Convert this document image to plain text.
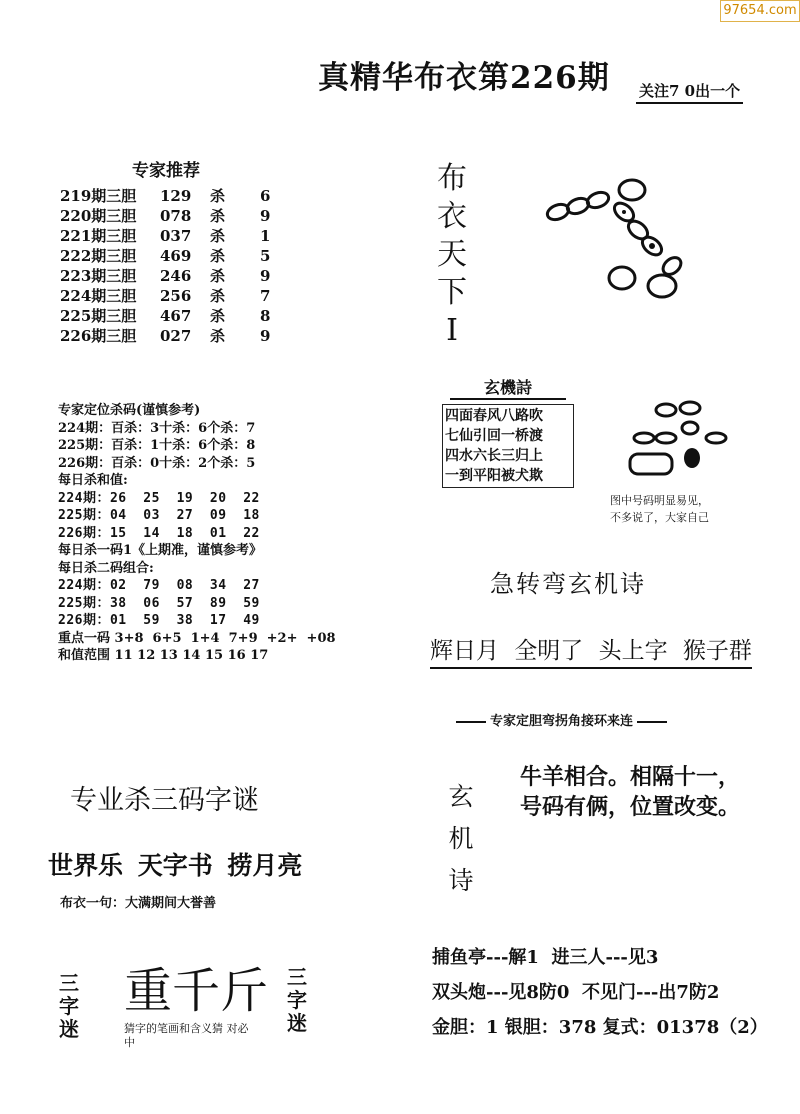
97654.com
真精华布衣第226期 关注7 0出一个
专家推荐
219期三胆 129 杀 6
220期三胆 078 杀 9
221期三胆 037 杀 1
222期三胆 469 杀 5
223期三胆 246 杀 9
224期三胆 256 杀 7
225期三胆 467 杀 8
226期三胆 027 杀 9
专家定位杀码(谨慎参考)
224期：百杀：3十杀：6个杀：7
225期：百杀：1十杀：6个杀：8
226期：百杀：0十杀：2个杀：5
每日杀和值:
224期：26  25  19  20  22
225期：04  03  27  09  18
226期：15  14  18  01  22
每日杀一码1《上期准，谨慎参考》
每日杀二码组合:
224期：02  79  08  34  27
225期：38  06  57  89  59
226期：01  59  38  17  49
重点一码 3+8  6+5  1+4  7+9  +2+  +08
和值范围 11 12 13 14 15 16 17
专业杀三码字谜
世界乐 天字书 捞月亮
布衣一句：大满期间大誉善
三
字
迷
重千斤 三
字
迷
猜字的笔画和含义猜 对必中
布
衣
天
下
I
玄機詩
四面春风八路吹
七仙引回一桥渡
四水六长三归上
一到平阳被犬欺
图中号码明显易见，
不多说了，大家自己
急转弯玄机诗
辉日月 全明了 头上字 猴子群
专家定胆弯拐角接环来连
玄
机
诗
牛羊相合。相隔十一，
号码有俩，位置改变。
捕鱼亭---解1  进三人---见3
双头炮---见8防0  不见门---出7防2
金胆：1 银胆：378 复式：01378（2）
